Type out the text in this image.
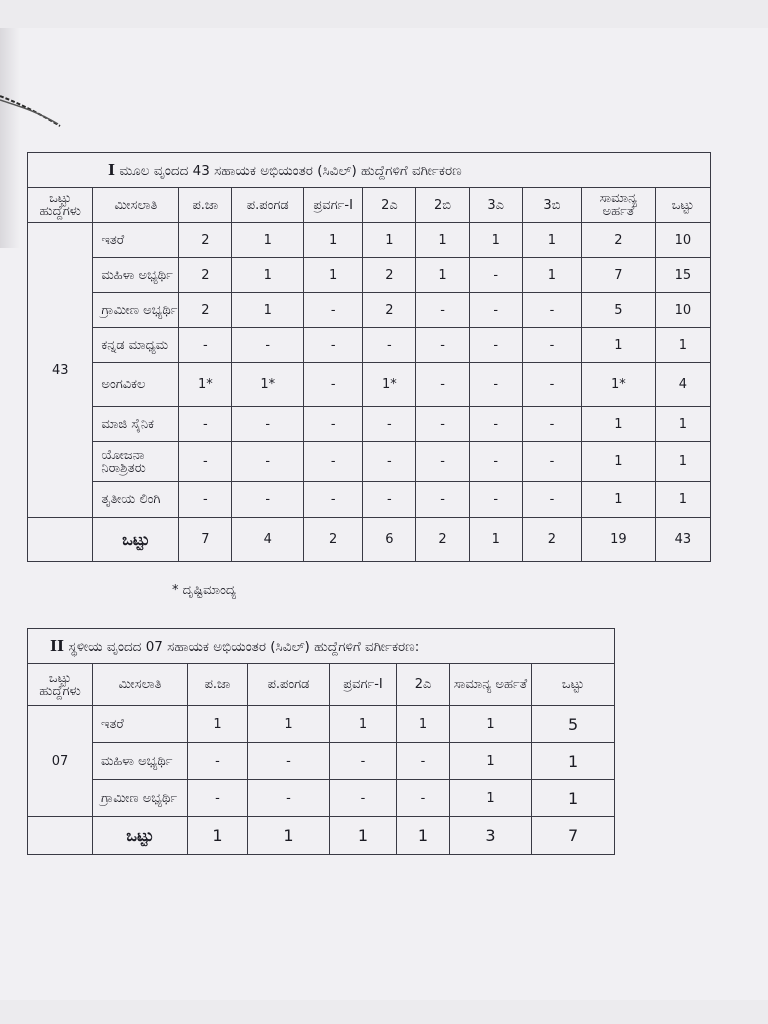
I ಮೂಲ ವೃಂದದ 43 ಸಹಾಯಕ ಅಭಿಯಂತರ (ಸಿವಿಲ್) ಹುದ್ದೆಗಳಿಗೆ ವರ್ಗೀಕರಣ										
ಒಟ್ಟು ಹುದ್ದೆಗಳು	ಮೀಸಲಾತಿ	ಪ.ಜಾ	ಪ.ಪಂಗಡ	ಪ್ರವರ್ಗ-I	2ಎ	2ಬಿ	3ಎ	3ಬಿ	ಸಾಮಾನ್ಯ ಅರ್ಹತೆ	ಒಟ್ಟು
43	ಇತರೆ	2	1	1	1	1	1	1	2	10
	ಮಹಿಳಾ ಅಭ್ಯರ್ಥಿ	2	1	1	2	1	-	1	7	15
	ಗ್ರಾಮೀಣ ಅಭ್ಯರ್ಥಿ	2	1	-	2	-	-	-	5	10
	ಕನ್ನಡ ಮಾಧ್ಯಮ	-	-	-	-	-	-	-	1	1
	ಅಂಗವಿಕಲ	1*	1*	-	1*	-	-	-	1*	4
	ಮಾಜಿ ಸೈನಿಕ	-	-	-	-	-	-	-	1	1
	ಯೋಜನಾ ನಿರಾಶ್ರಿತರು	-	-	-	-	-	-	-	1	1
	ತೃತೀಯ ಲಿಂಗಿ	-	-	-	-	-	-	-	1	1
	ಒಟ್ಟು	7	4	2	6	2	1	2	19	43
* ದೃಷ್ಟಿಮಾಂದ್ಯ
II ಸ್ಥಳೀಯ ವೃಂದದ 07 ಸಹಾಯಕ ಅಭಿಯಂತರ (ಸಿವಿಲ್) ಹುದ್ದೆಗಳಿಗೆ ವರ್ಗೀಕರಣ:							
ಒಟ್ಟು ಹುದ್ದೆಗಳು	ಮೀಸಲಾತಿ	ಪ.ಜಾ	ಪ.ಪಂಗಡ	ಪ್ರವರ್ಗ-I	2ಎ	ಸಾಮಾನ್ಯ ಅರ್ಹತೆ	ಒಟ್ಟು
07	ಇತರೆ	1	1	1	1	1	5
	ಮಹಿಳಾ ಅಭ್ಯರ್ಥಿ	-	-	-	-	1	1
	ಗ್ರಾಮೀಣ ಅಭ್ಯರ್ಥಿ	-	-	-	-	1	1
	ಒಟ್ಟು	1	1	1	1	3	7
